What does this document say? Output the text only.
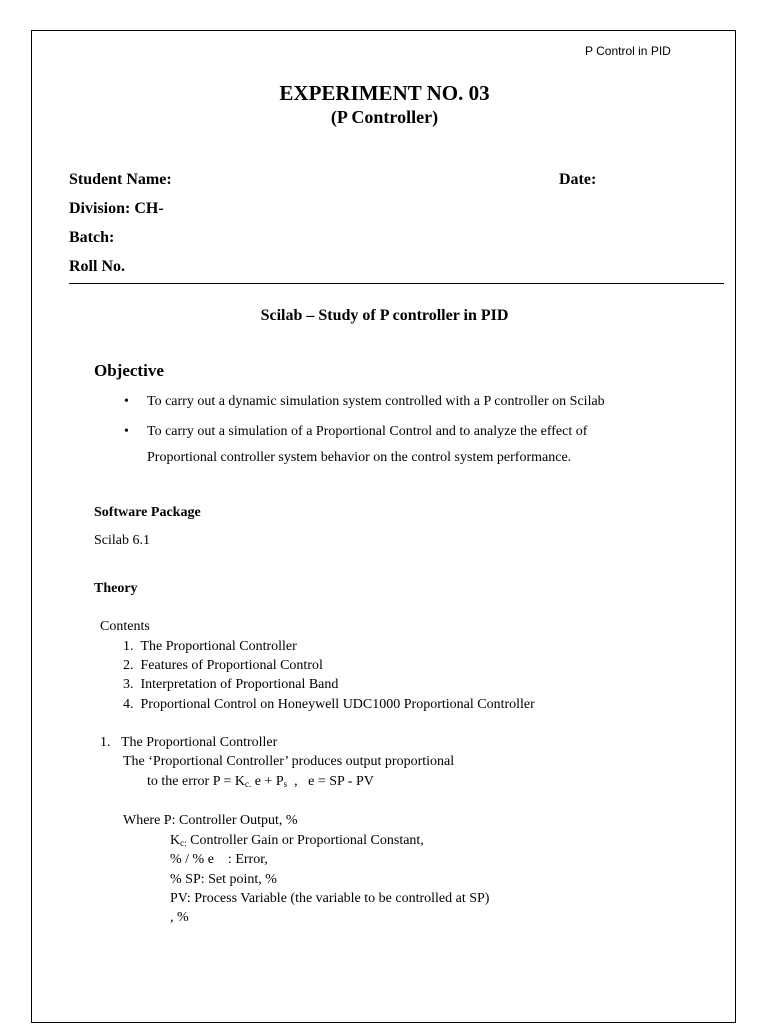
P Control in PID
EXPERIMENT NO. 03
(P Controller)
Student Name:	Date:
Division: CH-
Batch:
Roll No.
Scilab – Study of P controller in PID
Objective
• To carry out a dynamic simulation system controlled with a P controller on Scilab
• To carry out a simulation of a Proportional Control and to analyze the effect of
Proportional controller system behavior on the control system performance.
Software Package
Scilab 6.1
Theory
Contents
1.  The Proportional Controller
2.  Features of Proportional Control
3.  Interpretation of Proportional Band
4.  Proportional Control on Honeywell UDC1000 Proportional Controller
1.   The Proportional Controller
The ‘Proportional Controller’ produces output proportional
to the error $P = K_{c.}$ $e + P_s$  ,   e = SP - PV
Where P: Controller Output, %
$K_{c:}$ Controller Gain or Proportional Constant,
% / % e    : Error,
% SP: Set point, %
PV: Process Variable (the variable to be controlled at SP)
, %
